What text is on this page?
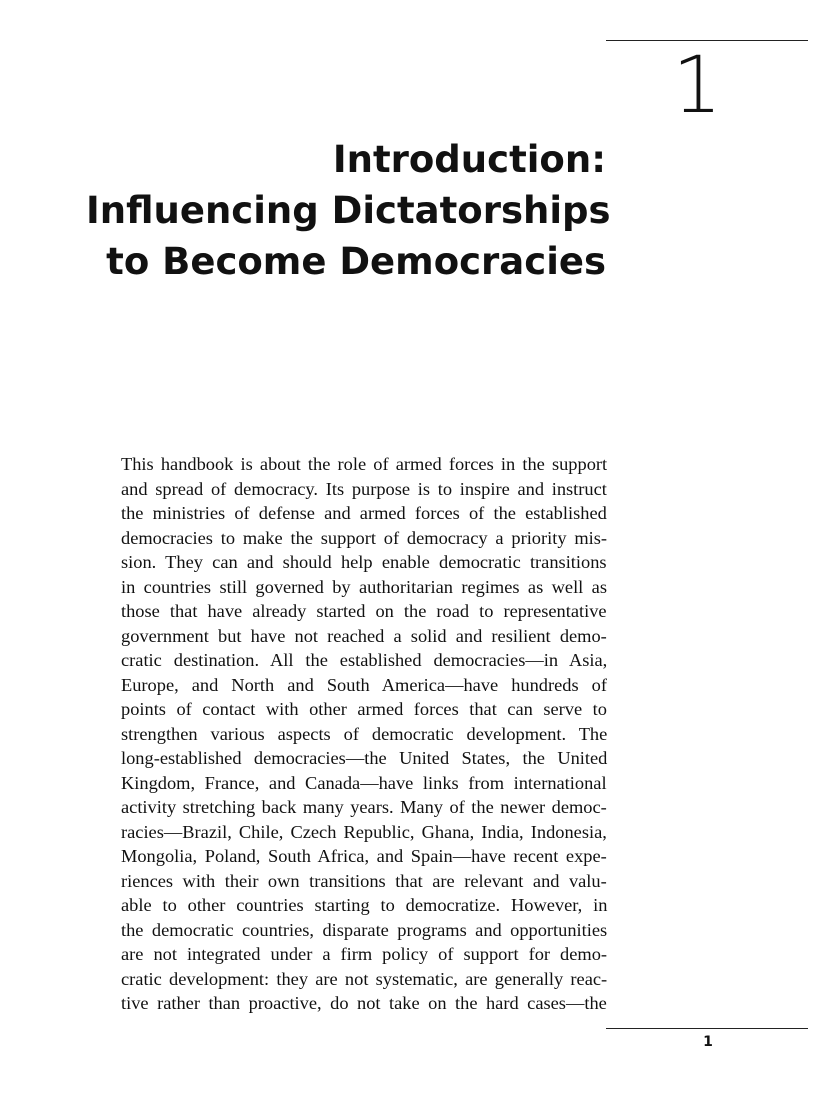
1
Introduction:
Influencing Dictatorships
to Become Democracies
This handbook is about the role of armed forces in the support
and spread of democracy. Its purpose is to inspire and instruct
the ministries of defense and armed forces of the established
democracies to make the support of democracy a priority mis-
sion. They can and should help enable democratic transitions
in countries still governed by authoritarian regimes as well as
those that have already started on the road to representative
government but have not reached a solid and resilient demo-
cratic destination. All the established democracies—in Asia,
Europe, and North and South America—have hundreds of
points of contact with other armed forces that can serve to
strengthen various aspects of democratic development. The
long-established democracies—the United States, the United
Kingdom, France, and Canada—have links from international
activity stretching back many years. Many of the newer democ-
racies—Brazil, Chile, Czech Republic, Ghana, India, Indonesia,
Mongolia, Poland, South Africa, and Spain—have recent expe-
riences with their own transitions that are relevant and valu-
able to other countries starting to democratize. However, in
the democratic countries, disparate programs and opportunities
are not integrated under a firm policy of support for demo-
cratic development: they are not systematic, are generally reac-
tive rather than proactive, do not take on the hard cases—the
1
